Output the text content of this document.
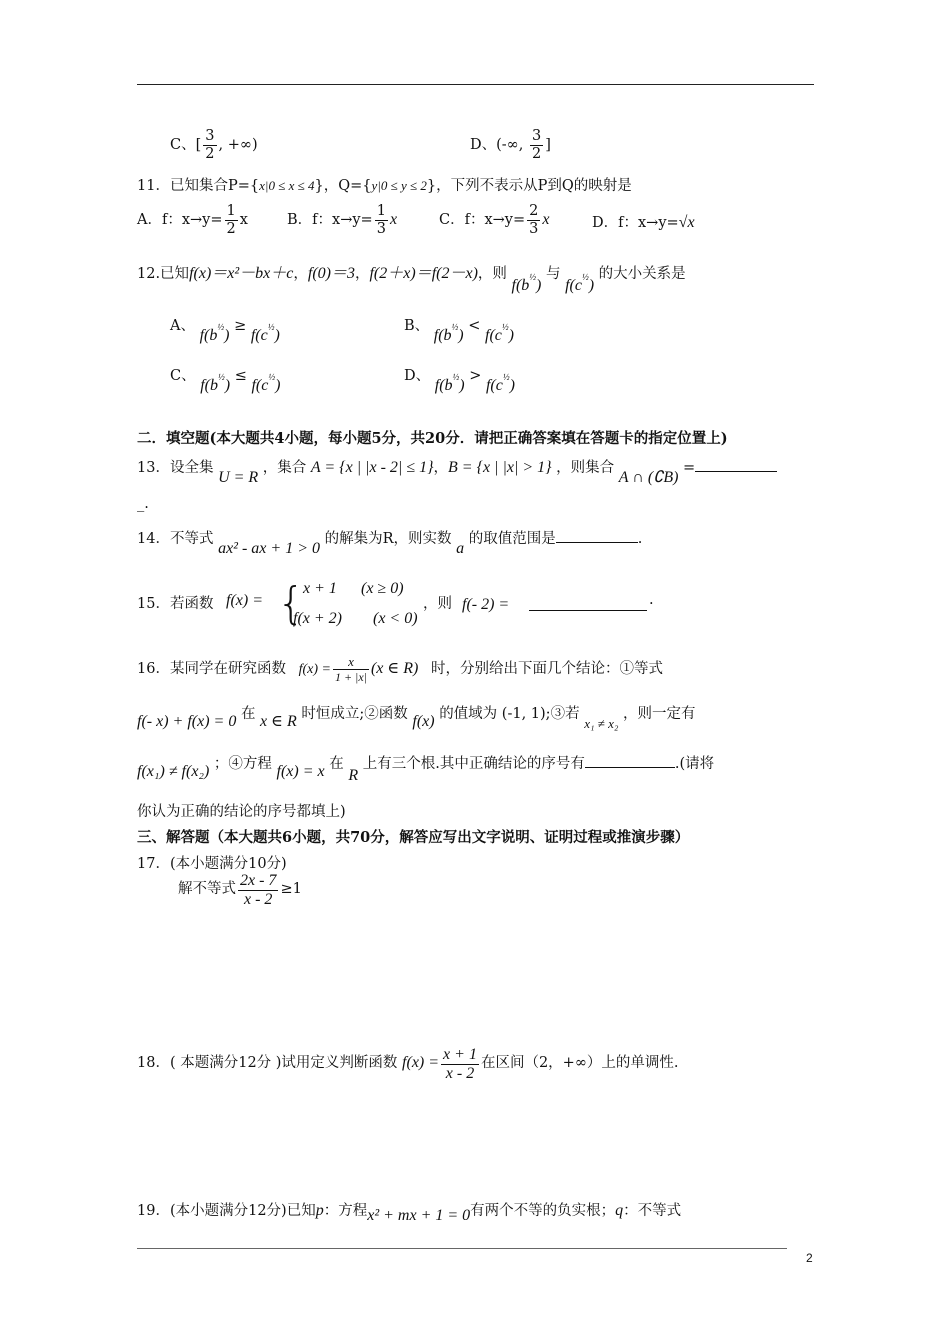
C、[ $\frac{3}{2}$ , +∞)	D、(-∞, $\frac{3}{2}$ ]
11．已知集合P={x|0 ≤ x ≤ 4}，Q={y|0 ≤ y ≤ 2}，下列不表示从P到Q的映射是
A．f：$x\to y= \frac{1}{2}$ x	B．f：$x\to y= \frac{1}{3}$ x	C．f：$x\to y= \frac{2}{3}$ x	D．f：x→y=√x
12.已知f(x)＝x²－bx＋c，f(0)＝3，f(2＋x)＝f(2－x)，则 $f(b^{\frac{1}{2}})$ 与 $f(c^{\frac{1}{2}})$ 的大小关系是
A、 $f(b^{\frac{1}{2}}) \ge f(c^{\frac{1}{2}})$
B、 $f(b^{\frac{1}{2}}) < f(c^{\frac{1}{2}})$
C、 $f(b^{\frac{1}{2}}) \le f(c^{\frac{1}{2}})$
D、 $f(b^{\frac{1}{2}}) > f(c^{\frac{1}{2}})$
二．填空题(本大题共4小题，每小题5分，共20分．请把正确答案填在答题卡的指定位置上)
13．设全集 U = R ，集合 A = {x | |x - 2| ≤ 1}，B = {x | |x| > 1} ，则集合 A ∩ (∁B) =
_.
14．不等式 ax² - ax + 1 > 0 的解集为R，则实数 a 的取值范围是	.
15．若函数 f(x) = {
x + 1 (x ≥ 0)
f(x + 2) (x < 0)
，则 f(- 2) =	.
16．某同学在研究函数 $f(x) = \frac{x}{1 + |x|} (x$ ∈ R) 时，分别给出下面几个结论：①等式
f(- x) + f(x) = 0 在 x ∈ R 时恒成立;②函数 f(x) 的值域为 (-1, 1);③若 x₁ ≠ x₂ ，则一定有
f(x₁) ≠ f(x₂) ；④方程 f(x) = x 在 R 上有三个根.其中正确结论的序号有	.(请将
你认为正确的结论的序号都填上)
三、解答题（本大题共6小题，共70分，解答应写出文字说明、证明过程或推演步骤）
17．(本小题满分10分)
解不等式 $\frac{2x - 7}{x - 2} \ge 1$
18．( 本题满分12分 )试用定义判断函数 $f(x) = \frac{x + 1}{x - 2}$ 在区间（2，+∞）上的单调性.
19．(本小题满分12分)已知p：方程x² + mx + 1 = 0有两个不等的负实根；q：不等式
2
